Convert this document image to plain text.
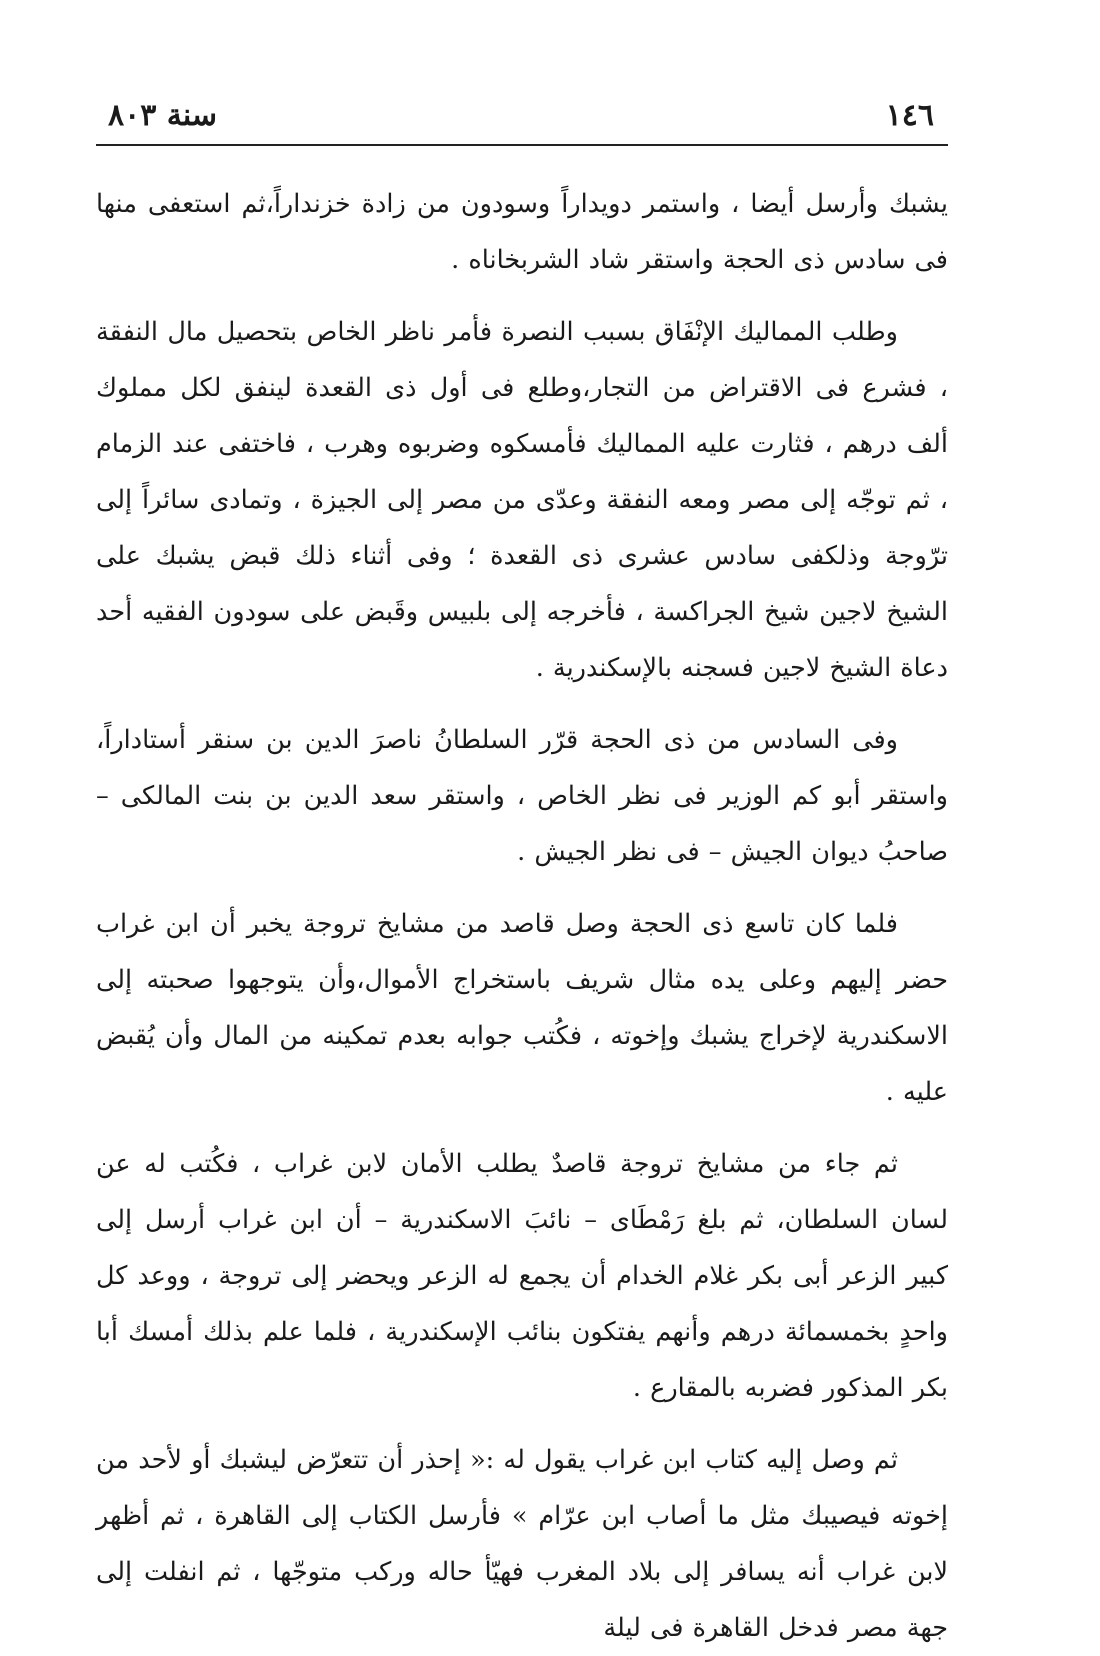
١٤٦
سنة ٨٠٣

يشبك وأرسل أيضا ، واستمر دويداراً وسودون من زادة خزنداراً،ثم استعفى منها فى سادس ذى الحجة واستقر شاد الشربخاناه .

وطلب المماليك الإنْفَاق بسبب النصرة فأمر ناظر الخاص بتحصيل مال النفقة ، فشرع فى الاقتراض من التجار،وطلع فى أول ذى القعدة لينفق لكل مملوك ألف درهم ، فثارت عليه المماليك فأمسكوه وضربوه وهرب ، فاختفى عند الزمام ، ثم توجّه إلى مصر ومعه النفقة وعدّى من مصر إلى الجيزة ، وتمادى سائراً إلى ترّوجة وذلكفى سادس عشرى ذى القعدة ؛ وفى أثناء ذلك قبض يشبك على الشيخ لاجين شيخ الجراكسة ، فأخرجه إلى بلبيس وقَبض على سودون الفقيه أحد دعاة الشيخ لاجين فسجنه بالإسكندرية .

وفى السادس من ذى الحجة قرّر السلطانُ ناصرَ الدين بن سنقر أستاداراً، واستقر أبو كم الوزير فى نظر الخاص ، واستقر سعد الدين بن بنت المالكى – صاحبُ ديوان الجيش – فى نظر الجيش .

فلما كان تاسع ذى الحجة وصل قاصد من مشايخ تروجة يخبر أن ابن غراب حضر إليهم وعلى يده مثال شريف باستخراج الأموال،وأن يتوجهوا صحبته إلى الاسكندرية لإخراج يشبك وإخوته ، فكُتب جوابه بعدم تمكينه من المال وأن يُقبض عليه .

ثم جاء من مشايخ تروجة قاصدٌ يطلب الأمان لابن غراب ، فكُتب له عن لسان السلطان، ثم بلغ رَمْطَاى – نائبَ الاسكندرية – أن ابن غراب أرسل إلى كبير الزعر أبى بكر غلام الخدام أن يجمع له الزعر ويحضر إلى تروجة ، ووعد كل واحدٍ بخمسمائة درهم وأنهم يفتكون بنائب الإسكندرية ، فلما علم بذلك أمسك أبا بكر المذكور فضربه بالمقارع .

ثم وصل إليه كتاب ابن غراب يقول له :« إحذر أن تتعرّض ليشبك أو لأحد من إخوته فيصيبك مثل ما أصاب ابن عرّام » فأرسل الكتاب إلى القاهرة ، ثم أظهر لابن غراب أنه يسافر إلى بلاد المغرب فهيّأ حاله وركب متوجّها ، ثم انفلت إلى جهة مصر فدخل القاهرة فى ليلة
